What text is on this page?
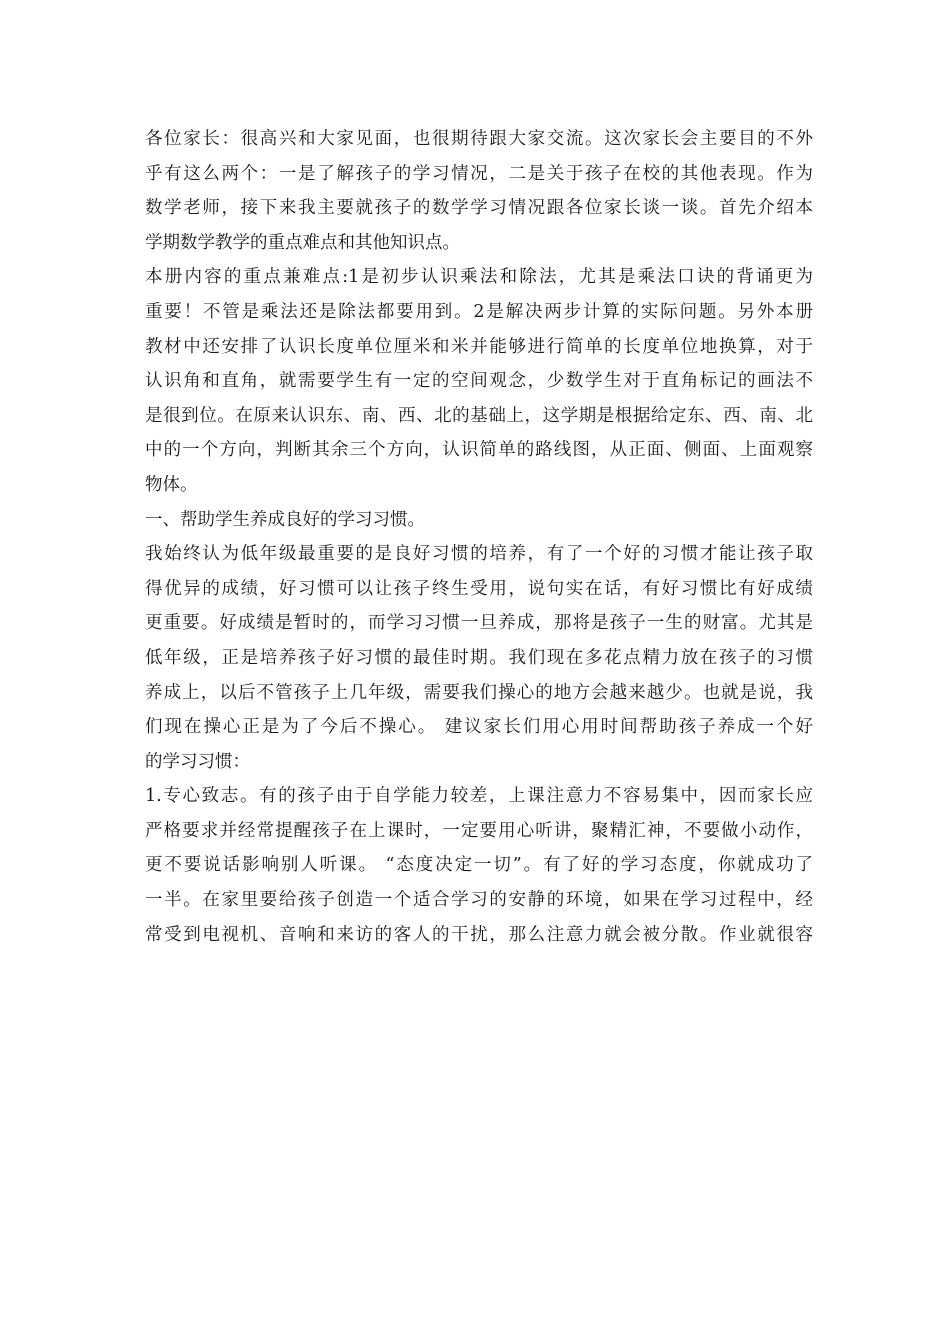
各位家长：很高兴和大家见面，也很期待跟大家交流。这次家长会主要目的不外
乎有这么两个：一是了解孩子的学习情况，二是关于孩子在校的其他表现。作为
数学老师，接下来我主要就孩子的数学学习情况跟各位家长谈一谈。首先介绍本
学期数学教学的重点难点和其他知识点。
本册内容的重点兼难点:1是初步认识乘法和除法，尤其是乘法口诀的背诵更为
重要！不管是乘法还是除法都要用到。2是解决两步计算的实际问题。另外本册
教材中还安排了认识长度单位厘米和米并能够进行简单的长度单位地换算，对于
认识角和直角，就需要学生有一定的空间观念，少数学生对于直角标记的画法不
是很到位。在原来认识东、南、西、北的基础上，这学期是根据给定东、西、南、北
中的一个方向，判断其余三个方向，认识简单的路线图，从正面、侧面、上面观察
物体。
一、帮助学生养成良好的学习习惯。
我始终认为低年级最重要的是良好习惯的培养，有了一个好的习惯才能让孩子取
得优异的成绩，好习惯可以让孩子终生受用，说句实在话，有好习惯比有好成绩
更重要。好成绩是暂时的，而学习习惯一旦养成，那将是孩子一生的财富。尤其是
低年级，正是培养孩子好习惯的最佳时期。我们现在多花点精力放在孩子的习惯
养成上，以后不管孩子上几年级，需要我们操心的地方会越来越少。也就是说，我
们现在操心正是为了今后不操心。 建议家长们用心用时间帮助孩子养成一个好
的学习习惯：
1.专心致志。有的孩子由于自学能力较差，上课注意力不容易集中，因而家长应
严格要求并经常提醒孩子在上课时，一定要用心听讲，聚精汇神，不要做小动作，
更不要说话影响别人听课。 “态度决定一切”。有了好的学习态度，你就成功了
一半。在家里要给孩子创造一个适合学习的安静的环境，如果在学习过程中，经
常受到电视机、音响和来访的客人的干扰，那么注意力就会被分散。作业就很容
